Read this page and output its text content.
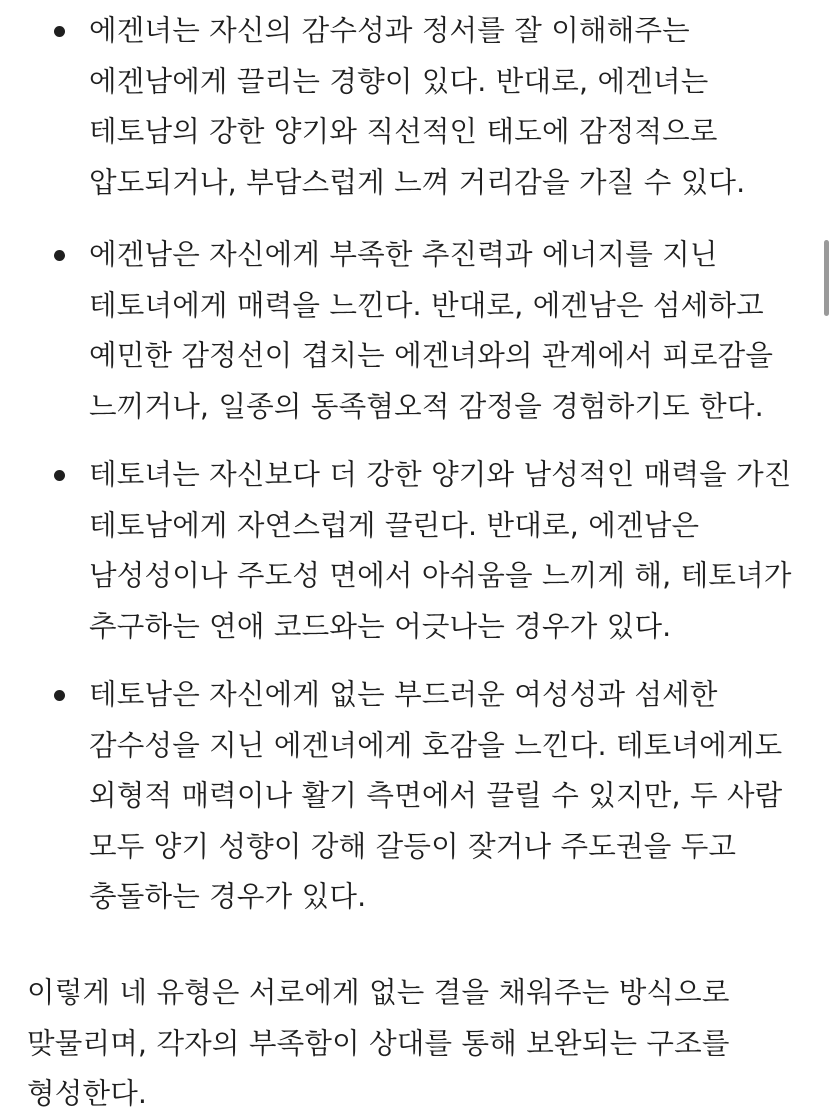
에겐녀는 자신의 감수성과 정서를 잘 이해해주는 에겐남에게 끌리는 경향이 있다. 반대로, 에겐녀는 테토남의 강한 양기와 직선적인 태도에 감정적으로 압도되거나, 부담스럽게 느껴 거리감을 가질 수 있다.
에겐남은 자신에게 부족한 추진력과 에너지를 지닌 테토녀에게 매력을 느낀다. 반대로, 에겐남은 섬세하고 예민한 감정선이 겹치는 에겐녀와의 관계에서 피로감을 느끼거나, 일종의 동족혐오적 감정을 경험하기도 한다.
테토녀는 자신보다 더 강한 양기와 남성적인 매력을 가진 테토남에게 자연스럽게 끌린다. 반대로, 에겐남은 남성성이나 주도성 면에서 아쉬움을 느끼게 해, 테토녀가 추구하는 연애 코드와는 어긋나는 경우가 있다.
테토남은 자신에게 없는 부드러운 여성성과 섬세한 감수성을 지닌 에겐녀에게 호감을 느낀다. 테토녀에게도 외형적 매력이나 활기 측면에서 끌릴 수 있지만, 두 사람 모두 양기 성향이 강해 갈등이 잦거나 주도권을 두고 충돌하는 경우가 있다.

이렇게 네 유형은 서로에게 없는 결을 채워주는 방식으로 맞물리며, 각자의 부족함이 상대를 통해 보완되는 구조를 형성한다.
